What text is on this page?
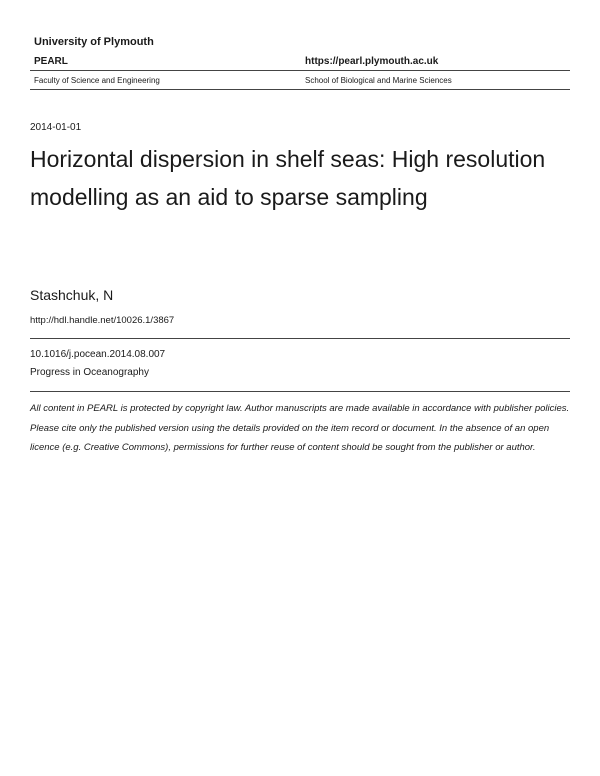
University of Plymouth
PEARL	https://pearl.plymouth.ac.uk
Faculty of Science and Engineering	School of Biological and Marine Sciences
2014-01-01
Horizontal dispersion in shelf seas: High resolution modelling as an aid to sparse sampling
Stashchuk, N
http://hdl.handle.net/10026.1/3867
10.1016/j.pocean.2014.08.007
Progress in Oceanography

All content in PEARL is protected by copyright law. Author manuscripts are made available in accordance with publisher policies. Please cite only the published version using the details provided on the item record or document. In the absence of an open licence (e.g. Creative Commons), permissions for further reuse of content should be sought from the publisher or author.
